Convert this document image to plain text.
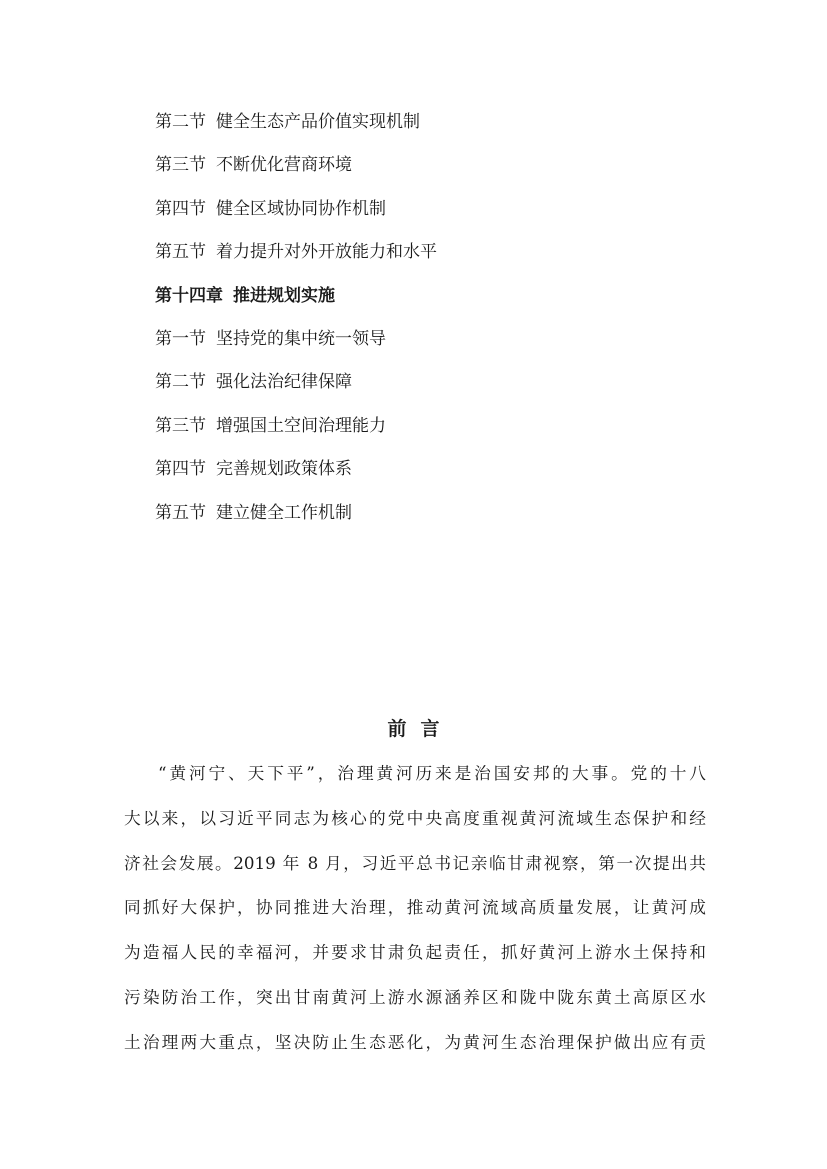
第二节 健全生态产品价值实现机制
第三节 不断优化营商环境
第四节 健全区域协同协作机制
第五节 着力提升对外开放能力和水平
第十四章 推进规划实施
第一节 坚持党的集中统一领导
第二节 强化法治纪律保障
第三节 增强国土空间治理能力
第四节 完善规划政策体系
第五节 建立健全工作机制
前言
“黄河宁、天下平”，治理黄河历来是治国安邦的大事。党的十八
大以来，以习近平同志为核心的党中央高度重视黄河流域生态保护和经
济社会发展。2019 年 8 月，习近平总书记亲临甘肃视察，第一次提出共
同抓好大保护，协同推进大治理，推动黄河流域高质量发展，让黄河成
为造福人民的幸福河，并要求甘肃负起责任，抓好黄河上游水土保持和
污染防治工作，突出甘南黄河上游水源涵养区和陇中陇东黄土高原区水
土治理两大重点，坚决防止生态恶化，为黄河生态治理保护做出应有贡
